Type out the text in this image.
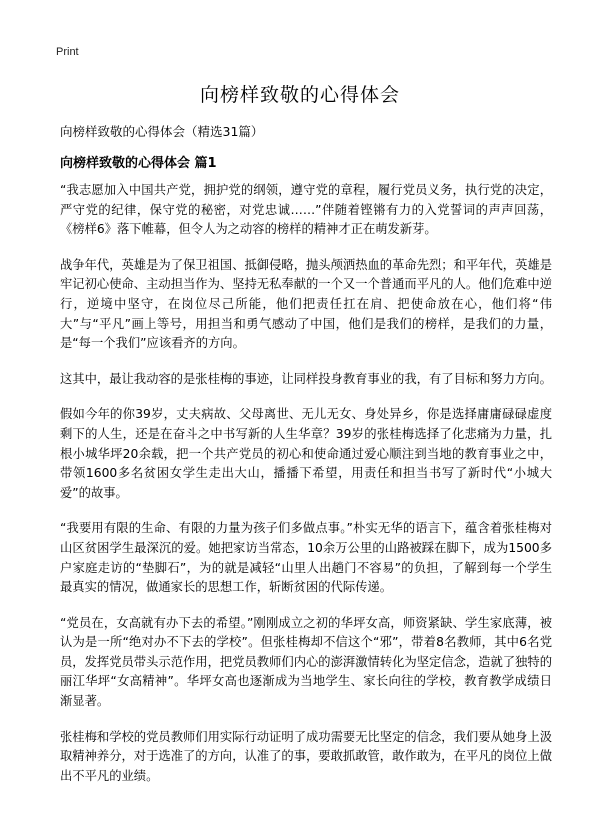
Print
向榜样致敬的心得体会

向榜样致敬的心得体会（精选31篇）

向榜样致敬的心得体会 篇1

“我志愿加入中国共产党，拥护党的纲领，遵守党的章程，履行党员义务，执行党的决定，严守党的纪律，保守党的秘密，对党忠诚……”伴随着铿锵有力的入党誓词的声声回荡，《榜样6》落下帷幕，但令人为之动容的榜样的精神才正在萌发新芽。

战争年代，英雄是为了保卫祖国、抵御侵略，抛头颅洒热血的革命先烈；和平年代，英雄是牢记初心使命、主动担当作为、坚持无私奉献的一个又一个普通而平凡的人。他们危难中逆行，逆境中坚守，在岗位尽己所能，他们把责任扛在肩、把使命放在心，他们将“伟大”与“平凡”画上等号，用担当和勇气感动了中国，他们是我们的榜样，是我们的力量，是“每一个我们”应该看齐的方向。

这其中，最让我动容的是张桂梅的事迹，让同样投身教育事业的我，有了目标和努力方向。

假如今年的你39岁，丈夫病故、父母离世、无儿无女、身处异乡，你是选择庸庸碌碌虚度剩下的人生，还是在奋斗之中书写新的人生华章？39岁的张桂梅选择了化悲痛为力量，扎根小城华坪20余载，把一个共产党员的初心和使命通过爱心顺注到当地的教育事业之中，带领1600多名贫困女学生走出大山，播播下希望，用责任和担当书写了新时代“小城大爱”的故事。

“我要用有限的生命、有限的力量为孩子们多做点事。”朴实无华的语言下，蕴含着张桂梅对山区贫困学生最深沉的爱。她把家访当常态，10余万公里的山路被踩在脚下，成为1500多户家庭走访的“垫脚石”，为的就是减轻“山里人出趟门不容易”的负担，了解到每一个学生最真实的情况，做通家长的思想工作，斩断贫困的代际传递。

“党员在，女高就有办下去的希望。”刚刚成立之初的华坪女高，师资紧缺、学生家底薄，被认为是一所“绝对办不下去的学校”。但张桂梅却不信这个“邪”，带着8名教师，其中6名党员，发挥党员带头示范作用，把党员教师们内心的澎湃激情转化为坚定信念，造就了独特的丽江华坪“女高精神”。华坪女高也逐渐成为当地学生、家长向往的学校，教育教学成绩日渐显著。

张桂梅和学校的党员教师们用实际行动证明了成功需要无比坚定的信念，我们要从她身上汲取精神养分，对于选准了的方向，认准了的事，要敢抓敢管，敢作敢为，在平凡的岗位上做出不平凡的业绩。
